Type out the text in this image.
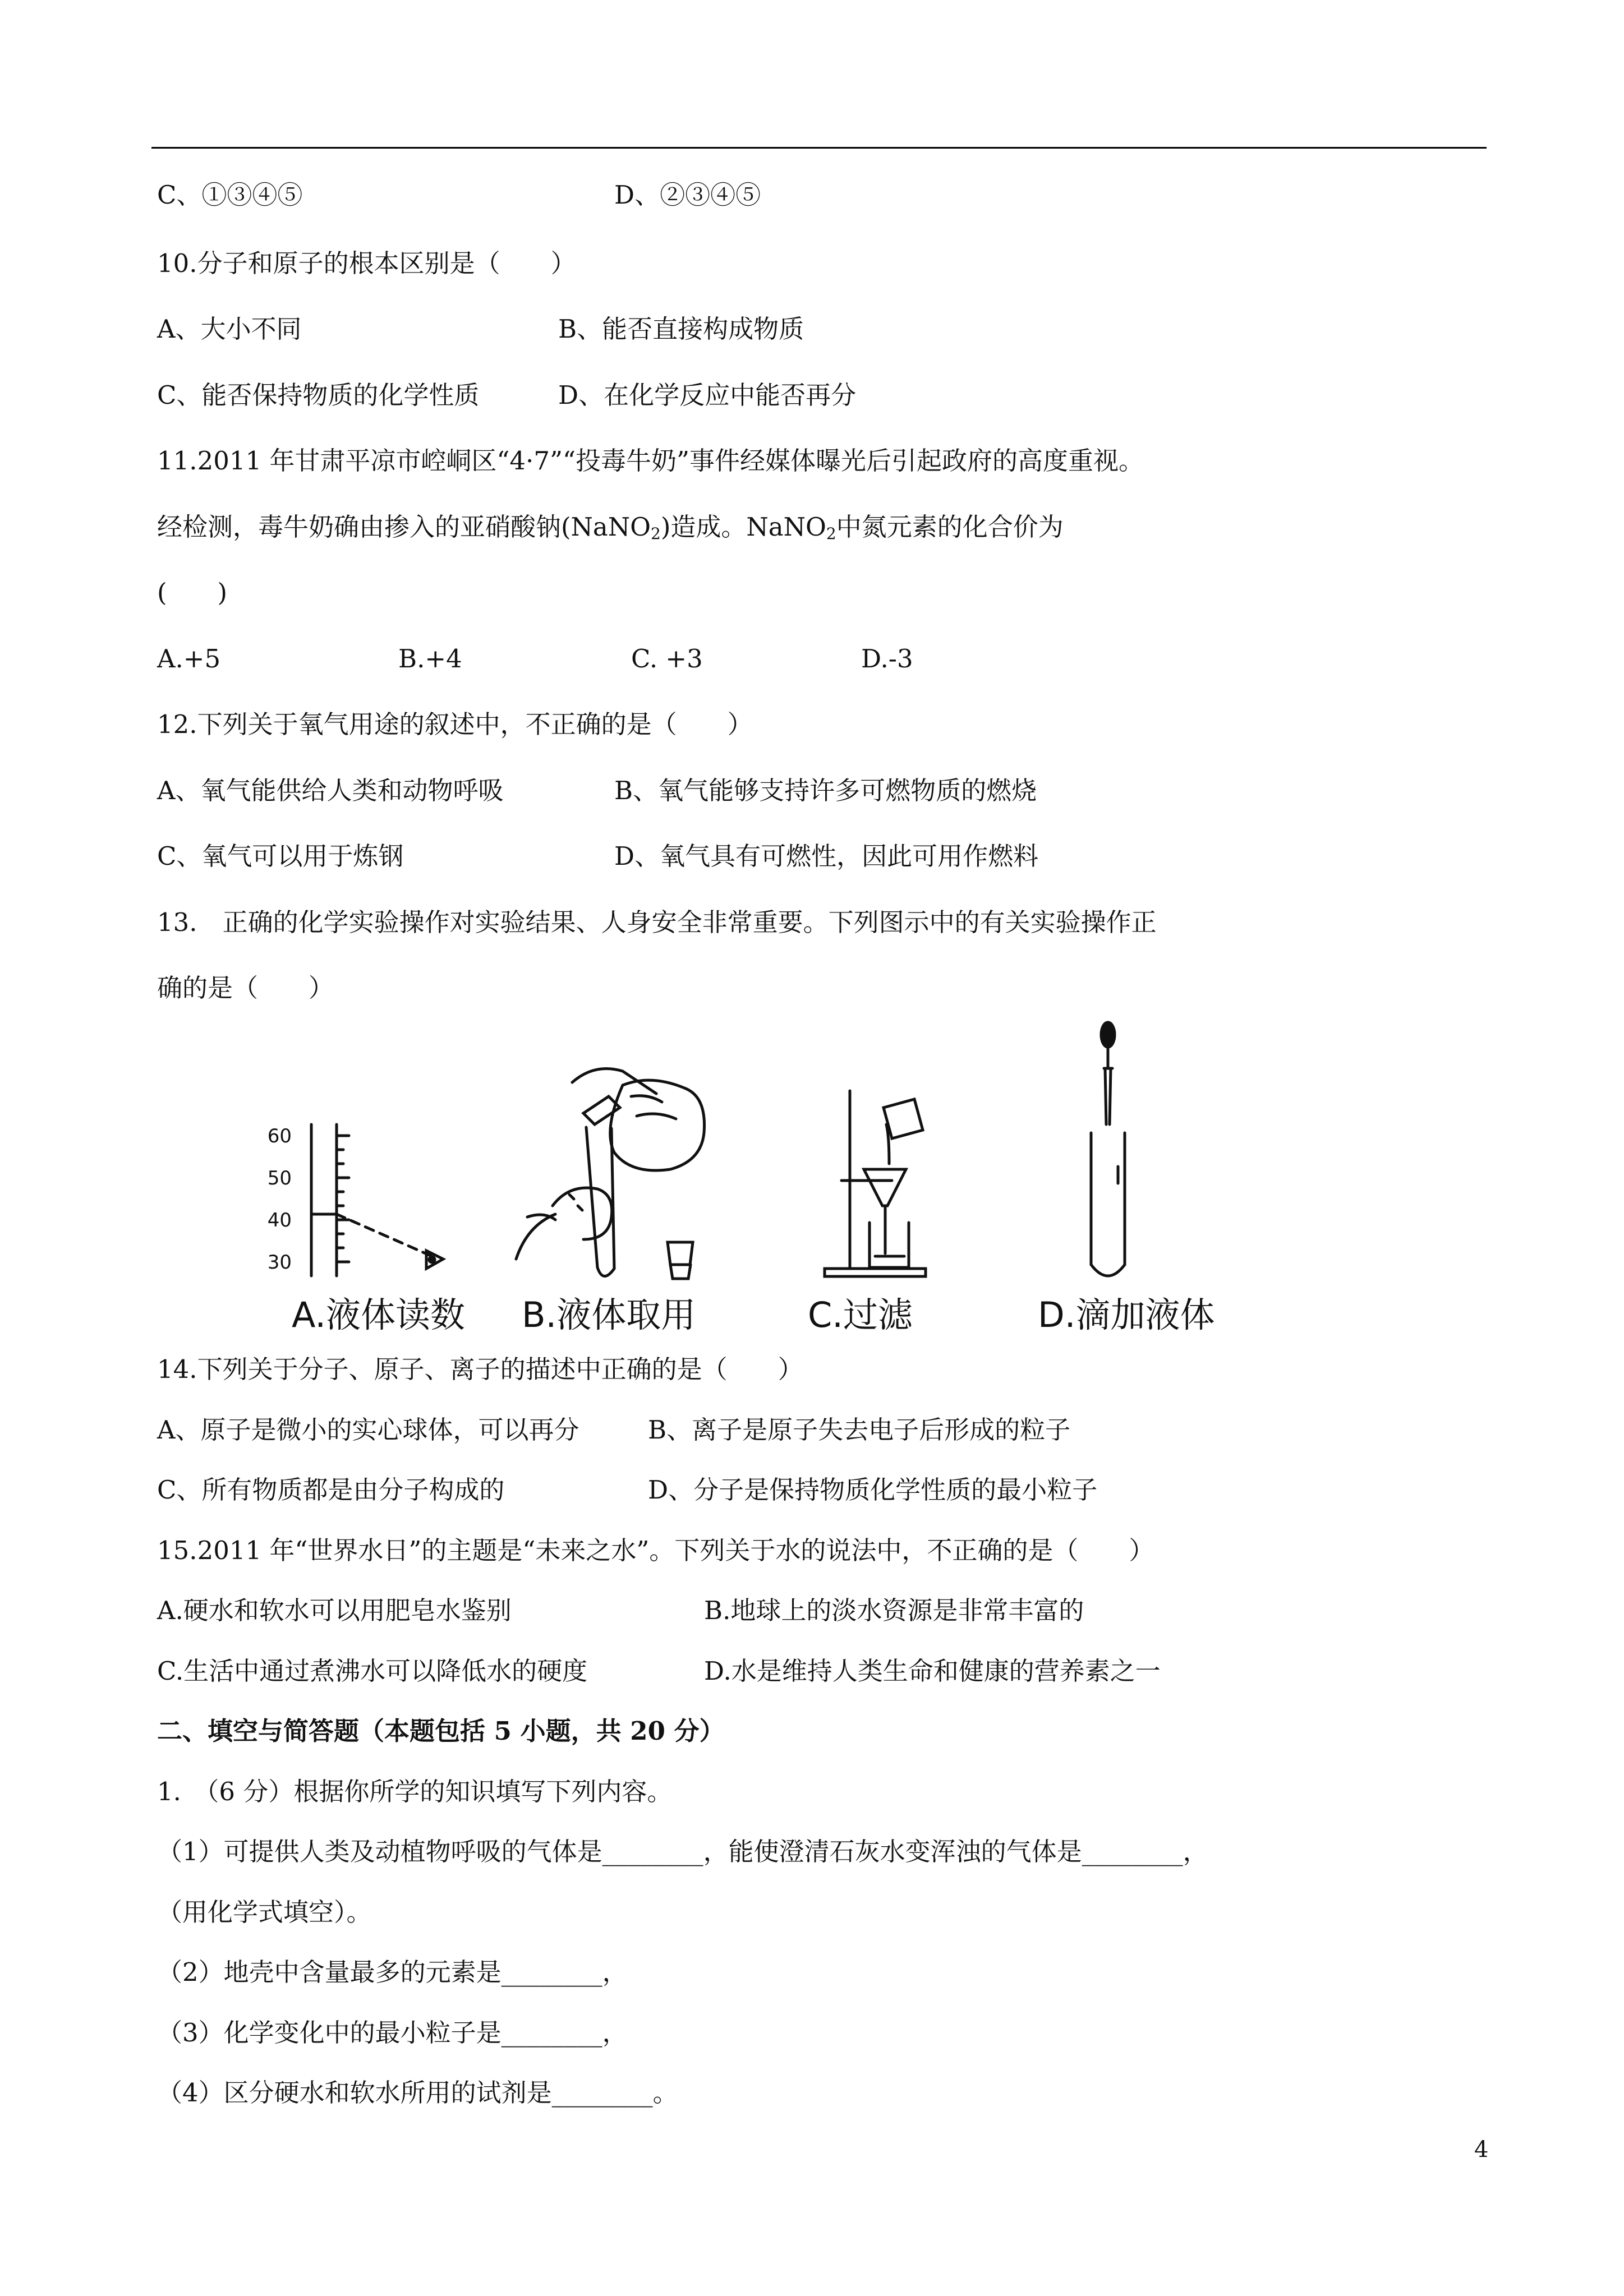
C、①③④⑤	D、②③④⑤
10.分子和原子的根本区别是（　　）
A、大小不同	B、能否直接构成物质
C、能否保持物质的化学性质	D、在化学反应中能否再分
11.2011 年甘肃平凉市崆峒区“4·7”“投毒牛奶”事件经媒体曝光后引起政府的高度重视。
经检测，毒牛奶确由掺入的亚硝酸钠(NaNO$_2$)造成。NaNO$_2$中氮元素的化合价为
(　　)
A.+5	B.+4	C. +3	D.-3
12.下列关于氧气用途的叙述中，不正确的是（　　）
A、氧气能供给人类和动物呼吸	B、氧气能够支持许多可燃物质的燃烧
C、氧气可以用于炼钢	D、氧气具有可燃性，因此可用作燃料
13.　正确的化学实验操作对实验结果、人身安全非常重要。下列图示中的有关实验操作正
确的是（　　）
60
50
40
30
A.液体读数 B.液体取用	C.过滤	D.滴加液体
14.下列关于分子、原子、离子的描述中正确的是（　　）
A、原子是微小的实心球体，可以再分	B、离子是原子失去电子后形成的粒子
C、所有物质都是由分子构成的	D、分子是保持物质化学性质的最小粒子
15.2011 年“世界水日”的主题是“未来之水”。下列关于水的说法中，不正确的是（　　）
A.硬水和软水可以用肥皂水鉴别	B.地球上的淡水资源是非常丰富的
C.生活中通过煮沸水可以降低水的硬度	D.水是维持人类生命和健康的营养素之一
二、填空与简答题（本题包括 5 小题，共 20 分）
1.　（6 分）根据你所学的知识填写下列内容。
（1）可提供人类及动植物呼吸的气体是________，能使澄清石灰水变浑浊的气体是________，
（用化学式填空）。
（2）地壳中含量最多的元素是________，
（3）化学变化中的最小粒子是________，
（4）区分硬水和软水所用的试剂是________。
4
